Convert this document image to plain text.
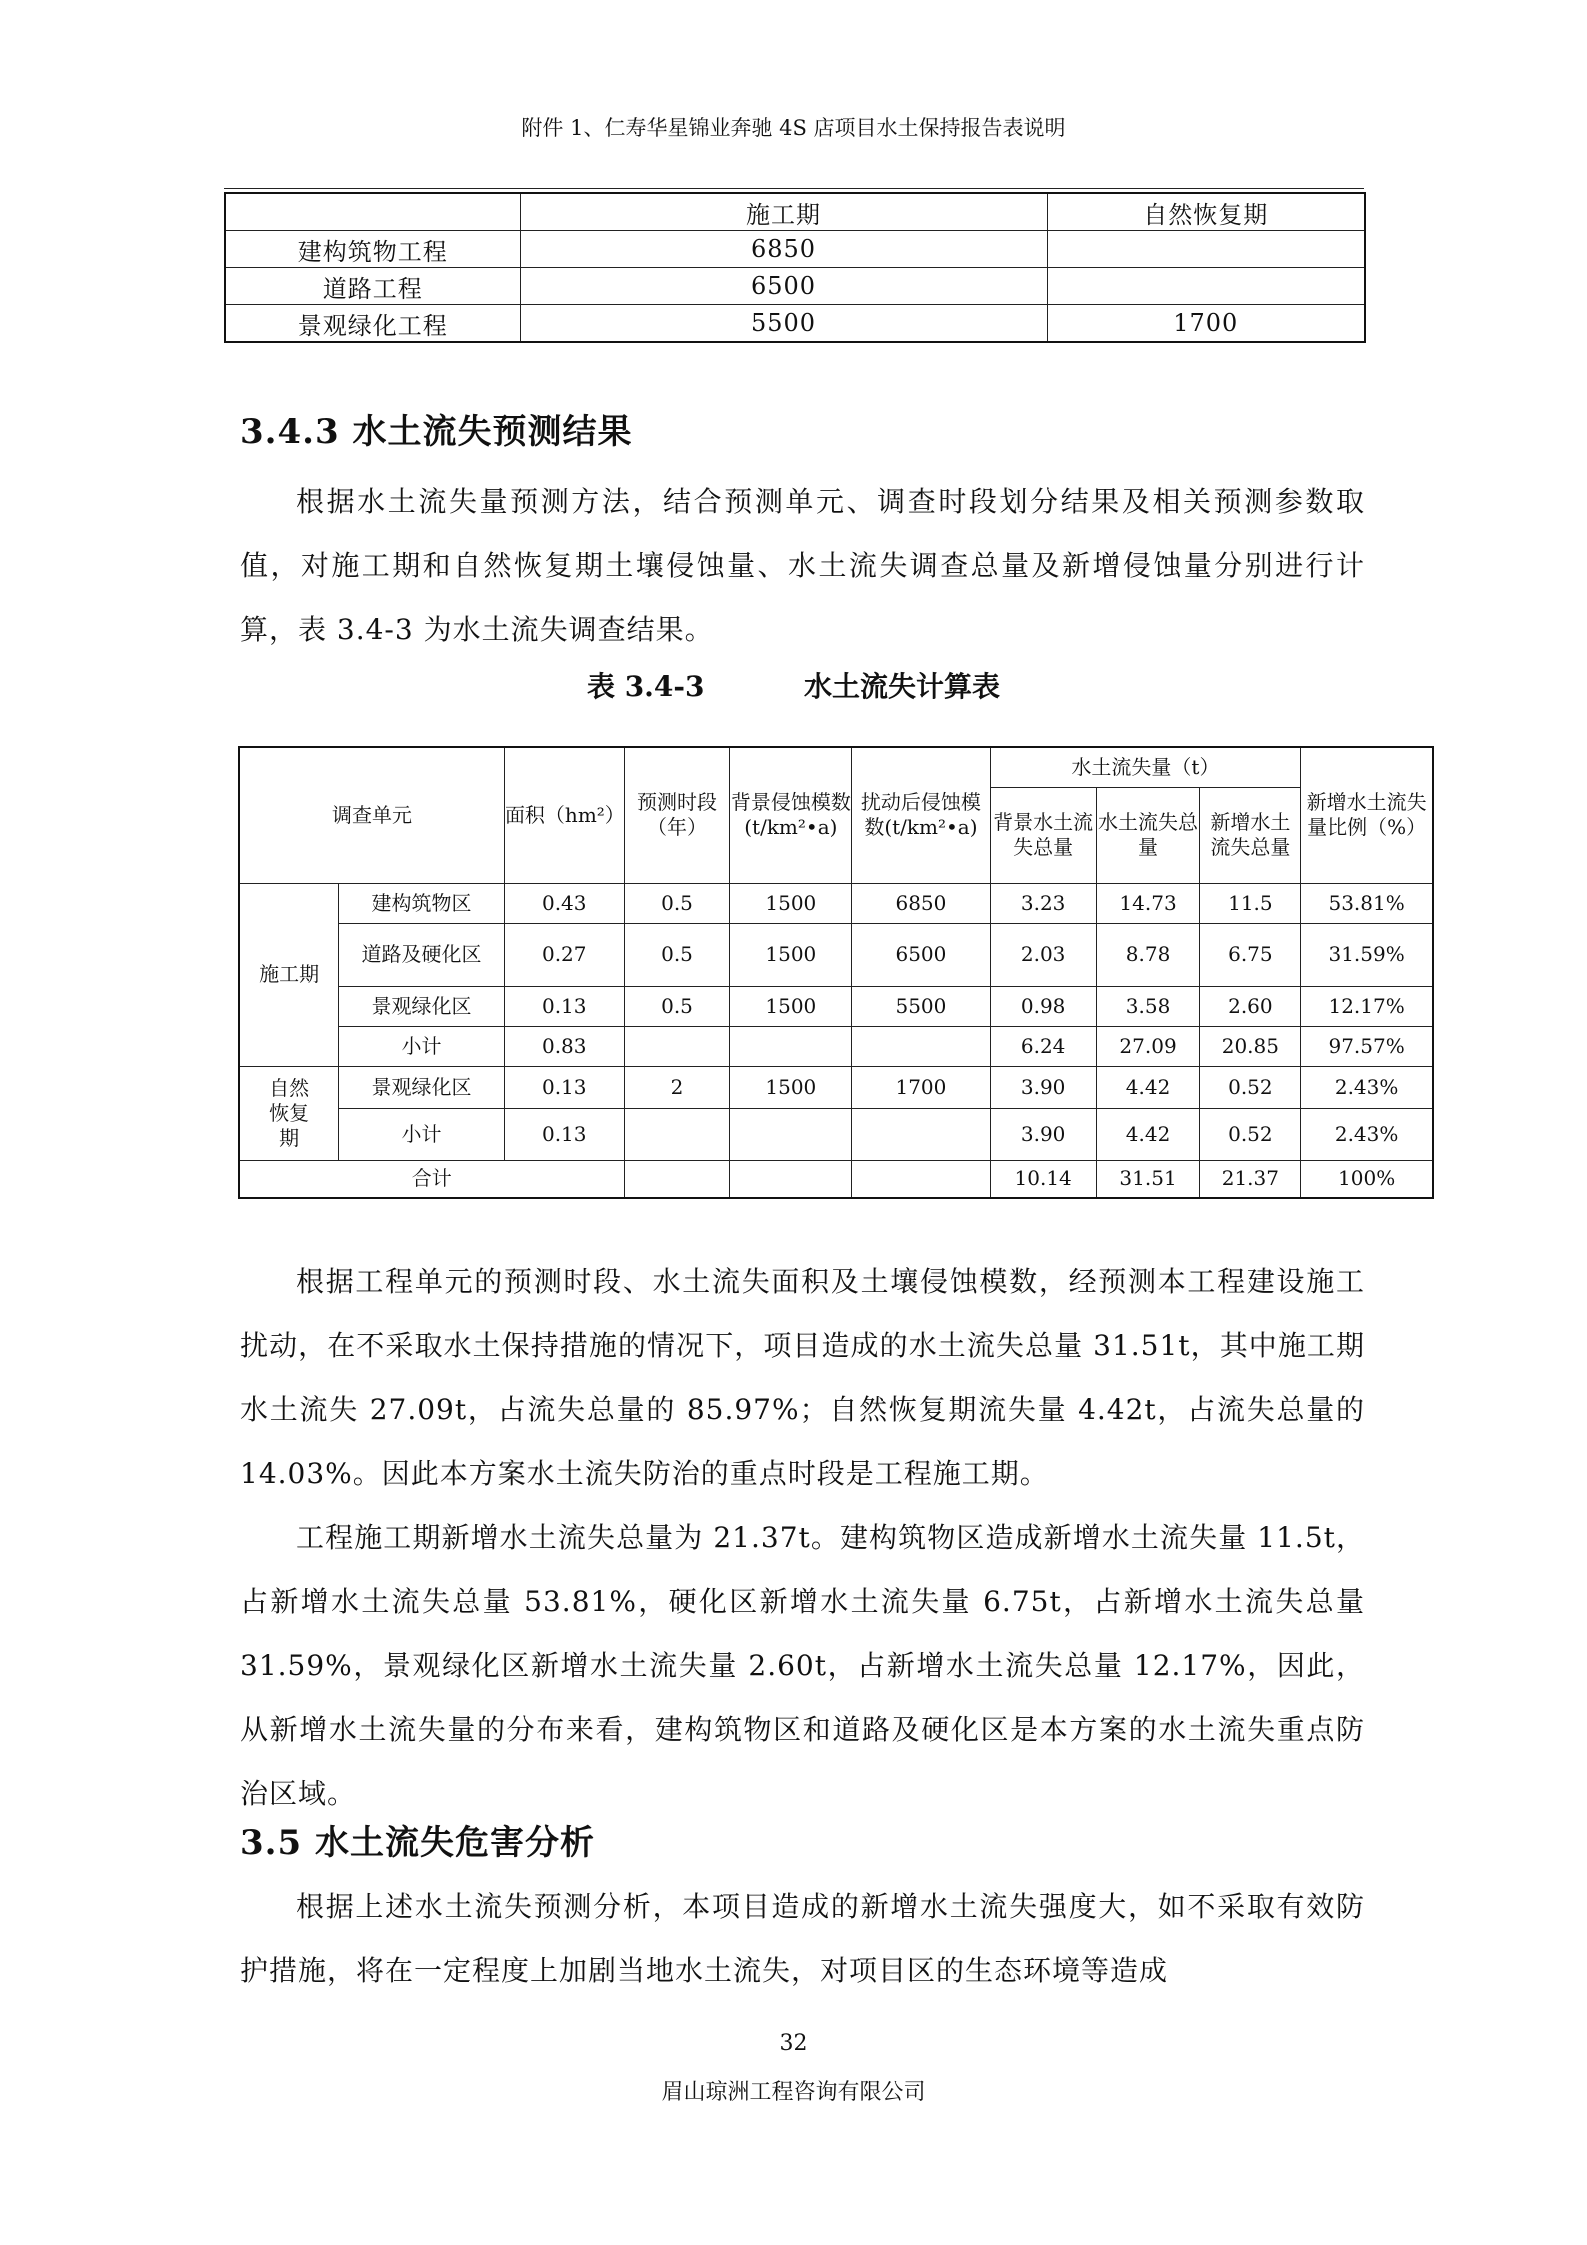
附件 1、仁寿华星锦业奔驰 4S 店项目水土保持报告表说明
	施工期	自然恢复期
建构筑物工程	6850	
道路工程	6500	
景观绿化工程	5500	1700
3.4.3 水土流失预测结果

根据水土流失量预测方法，结合预测单元、调查时段划分结果及相关预测参数取值，对施工期和自然恢复期土壤侵蚀量、水土流失调查总量及新增侵蚀量分别进行计算，表 3.4-3 为水土流失调查结果。

表 3.4-3	水土流失计算表
调查单元		面积（hm²）	预测时段（年）	背景侵蚀模数(t/km²•a)	扰动后侵蚀模数(t/km²•a)	水土流失量（t）			新增水土流失量比例（%）
						背景水土流失总量	水土流失总量	新增水土流失总量	
施工期	建构筑物区	0.43	0.5	1500	6850	3.23	14.73	11.5	53.81%
	道路及硬化区	0.27	0.5	1500	6500	2.03	8.78	6.75	31.59%
	景观绿化区	0.13	0.5	1500	5500	0.98	3.58	2.60	12.17%
	小计	0.83				6.24	27.09	20.85	97.57%
自然恢复期	景观绿化区	0.13	2	1500	1700	3.90	4.42	0.52	2.43%
	小计	0.13				3.90	4.42	0.52	2.43%
合计						10.14	31.51	21.37	100%

根据工程单元的预测时段、水土流失面积及土壤侵蚀模数，经预测本工程建设施工扰动，在不采取水土保持措施的情况下，项目造成的水土流失总量 31.51t，其中施工期水土流失 27.09t，占流失总量的 85.97%；自然恢复期流失量 4.42t，占流失总量的 14.03%。因此本方案水土流失防治的重点时段是工程施工期。

工程施工期新增水土流失总量为 21.37t。建构筑物区造成新增水土流失量 11.5t，占新增水土流失总量 53.81%，硬化区新增水土流失量 6.75t，占新增水土流失总量 31.59%，景观绿化区新增水土流失量 2.60t，占新增水土流失总量 12.17%，因此，从新增水土流失量的分布来看，建构筑物区和道路及硬化区是本方案的水土流失重点防治区域。

3.5 水土流失危害分析

根据上述水土流失预测分析，本项目造成的新增水土流失强度大，如不采取有效防护措施，将在一定程度上加剧当地水土流失，对项目区的生态环境等造成

32
眉山琼洲工程咨询有限公司
